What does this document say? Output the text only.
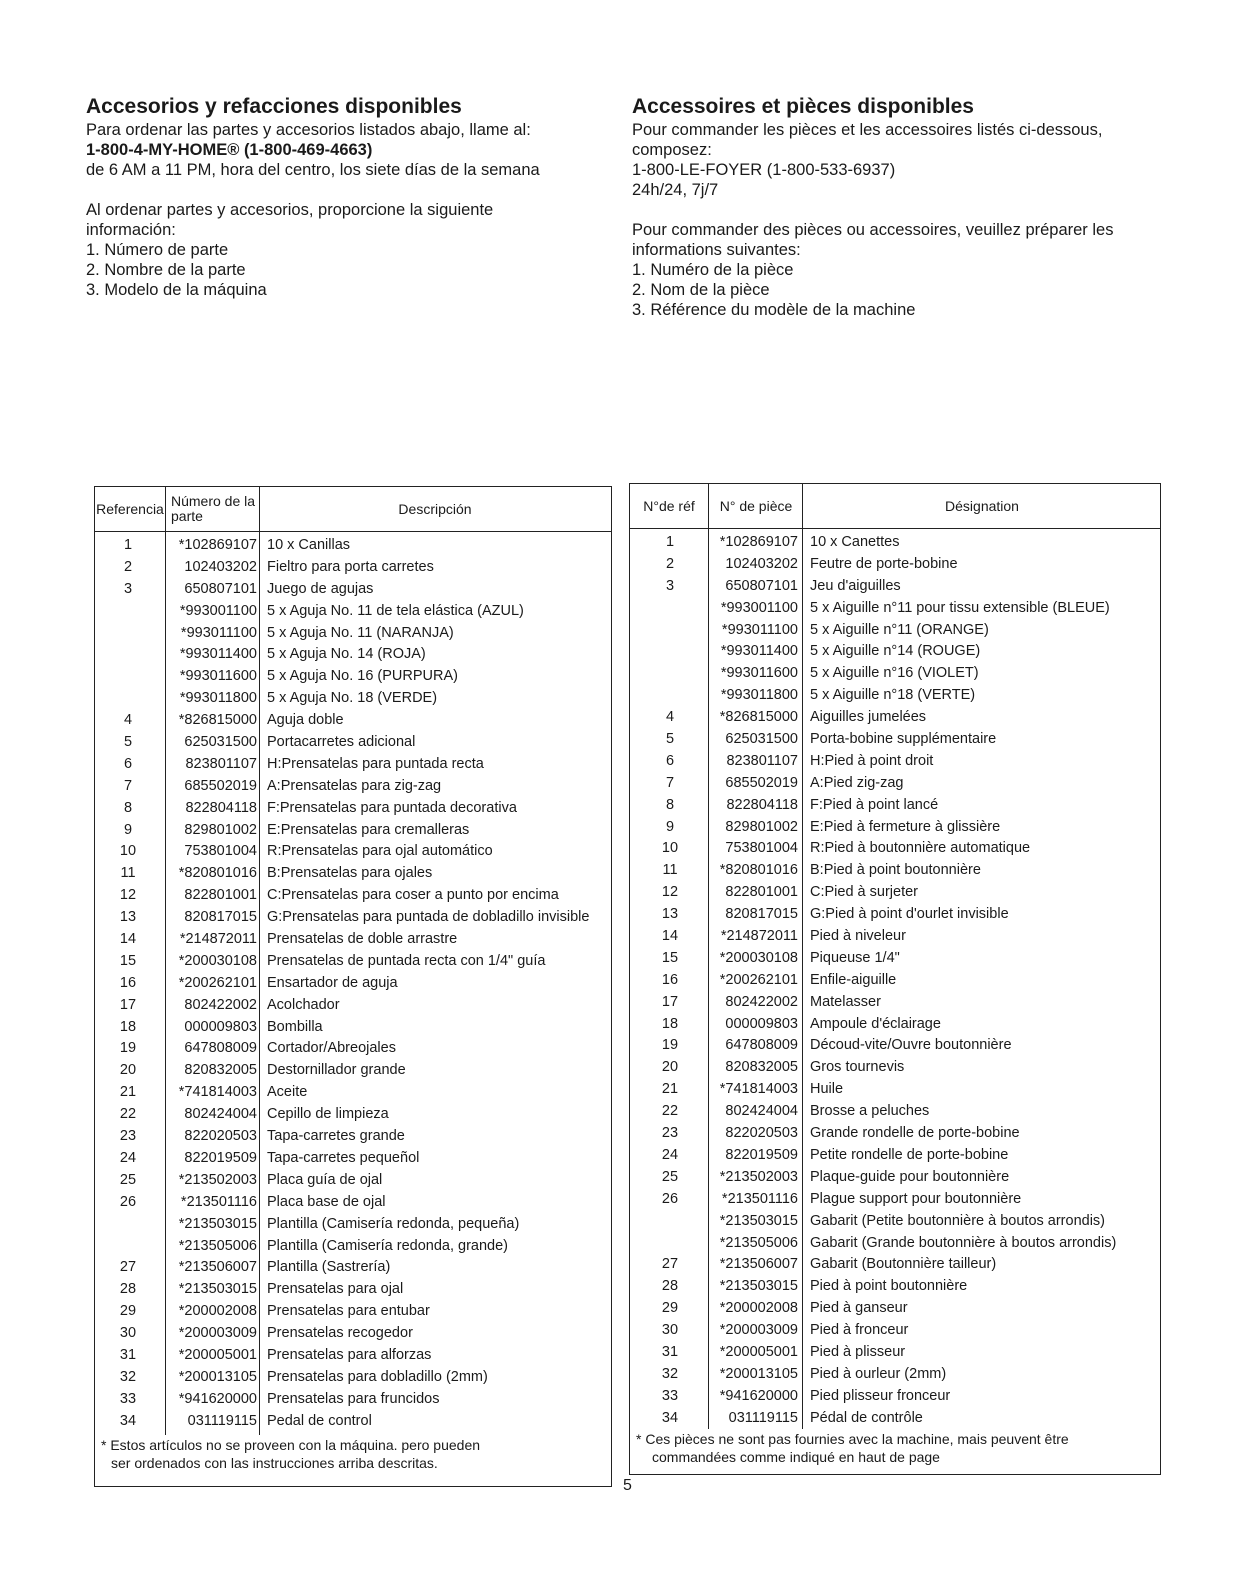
Accesorios y refacciones disponibles

Para ordenar las partes y accesorios listados abajo, llame al:

1-800-4-MY-HOME® (1-800-469-4663)

de 6 AM a 11 PM, hora del centro, los siete días de la semana

Al ordenar partes y accesorios, proporcione la siguiente

información:

1. Número de parte
2. Nombre de la parte
3. Modelo de la máquina
Accessoires et pièces disponibles

Pour commander les pièces et les accessoires listés ci-dessous,

composez:

1-800-LE-FOYER (1-800-533-6937)

24h/24, 7j/7

Pour commander des pièces ou accessoires, veuillez préparer les

informations suivantes:

1. Numéro de la pièce
2. Nom de la pièce
3. Référence du modèle de la machine
Referencia Número de la parte	Descripción
1	*102869107 10 x Canillas
2	102403202 Fieltro para porta carretes
3	650807101 Juego de agujas
*993001100 5 x Aguja No. 11 de tela elástica (AZUL)
*993011100 5 x Aguja No. 11 (NARANJA)
*993011400 5 x Aguja No. 14 (ROJA)
*993011600 5 x Aguja No. 16 (PURPURA)
*993011800 5 x Aguja No. 18 (VERDE)
4	*826815000 Aguja doble
5	625031500 Portacarretes adicional
6	823801107 H:Prensatelas para puntada recta
7	685502019 A:Prensatelas para zig-zag
8	822804118 F:Prensatelas para puntada decorativa
9	829801002 E:Prensatelas para cremalleras
10	753801004 R:Prensatelas para ojal automático
11	*820801016 B:Prensatelas para ojales
12	822801001 C:Prensatelas para coser a punto por encima
13	820817015 G:Prensatelas para puntada de dobladillo invisible
14	*214872011 Prensatelas de doble arrastre
15	*200030108 Prensatelas de puntada recta con 1/4" guía
16	*200262101 Ensartador de aguja
17	802422002 Acolchador
18	000009803 Bombilla
19	647808009 Cortador/Abreojales
20	820832005 Destornillador grande
21	*741814003 Aceite
22	802424004 Cepillo de limpieza
23	822020503 Tapa-carretes grande
24	822019509 Tapa-carretes pequeñol
25	*213502003 Placa guía de ojal
26	*213501116 Placa base de ojal
*213503015 Plantilla (Camisería redonda, pequeña)
*213505006 Plantilla (Camisería redonda, grande)
27	*213506007 Plantilla (Sastrería)
28	*213503015 Prensatelas para ojal
29	*200002008 Prensatelas para entubar
30	*200003009 Prensatelas recogedor
31	*200005001 Prensatelas para alforzas
32	*200013105 Prensatelas para dobladillo (2mm)
33	*941620000 Prensatelas para fruncidos
34	031119115 Pedal de control
* Estos artículos no se proveen con la máquina. pero pueden
ser ordenados con las instrucciones arriba descritas.
N°de réf	N° de pièce	Désignation
1	*102869107 10 x Canettes
2	102403202 Feutre de porte-bobine
3	650807101 Jeu d'aiguilles
*993001100 5 x Aiguille n°11 pour tissu extensible (BLEUE)
*993011100 5 x Aiguille n°11 (ORANGE)
*993011400 5 x Aiguille n°14 (ROUGE)
*993011600 5 x Aiguille n°16 (VIOLET)
*993011800 5 x Aiguille n°18 (VERTE)
4	*826815000 Aiguilles jumelées
5	625031500 Porta-bobine supplémentaire
6	823801107 H:Pied à point droit
7	685502019 A:Pied zig-zag
8	822804118 F:Pied à point lancé
9	829801002 E:Pied à fermeture à glissière
10	753801004 R:Pied à boutonnière automatique
11	*820801016 B:Pied à point boutonnière
12	822801001 C:Pied à surjeter
13	820817015 G:Pied à point d'ourlet invisible
14	*214872011 Pied à niveleur
15	*200030108 Piqueuse 1/4"
16	*200262101 Enfile-aiguille
17	802422002 Matelasser
18	000009803 Ampoule d'éclairage
19	647808009 Découd-vite/Ouvre boutonnière
20	820832005 Gros tournevis
21	*741814003 Huile
22	802424004 Brosse a peluches
23	822020503 Grande rondelle de porte-bobine
24	822019509 Petite rondelle de porte-bobine
25	*213502003 Plaque-guide pour boutonnière
26	*213501116 Plague support pour boutonnière
*213503015 Gabarit (Petite boutonnière à boutos arrondis)
*213505006 Gabarit (Grande boutonnière à boutos arrondis)
27	*213506007 Gabarit (Boutonnière tailleur)
28	*213503015 Pied à point boutonnière
29	*200002008 Pied à ganseur
30	*200003009 Pied à fronceur
31	*200005001 Pied à plisseur
32	*200013105 Pied à ourleur (2mm)
33	*941620000 Pied plisseur fronceur
34	031119115 Pédal de contrôle
* Ces pièces ne sont pas fournies avec la machine, mais peuvent être
commandées comme indiqué en haut de page
5
